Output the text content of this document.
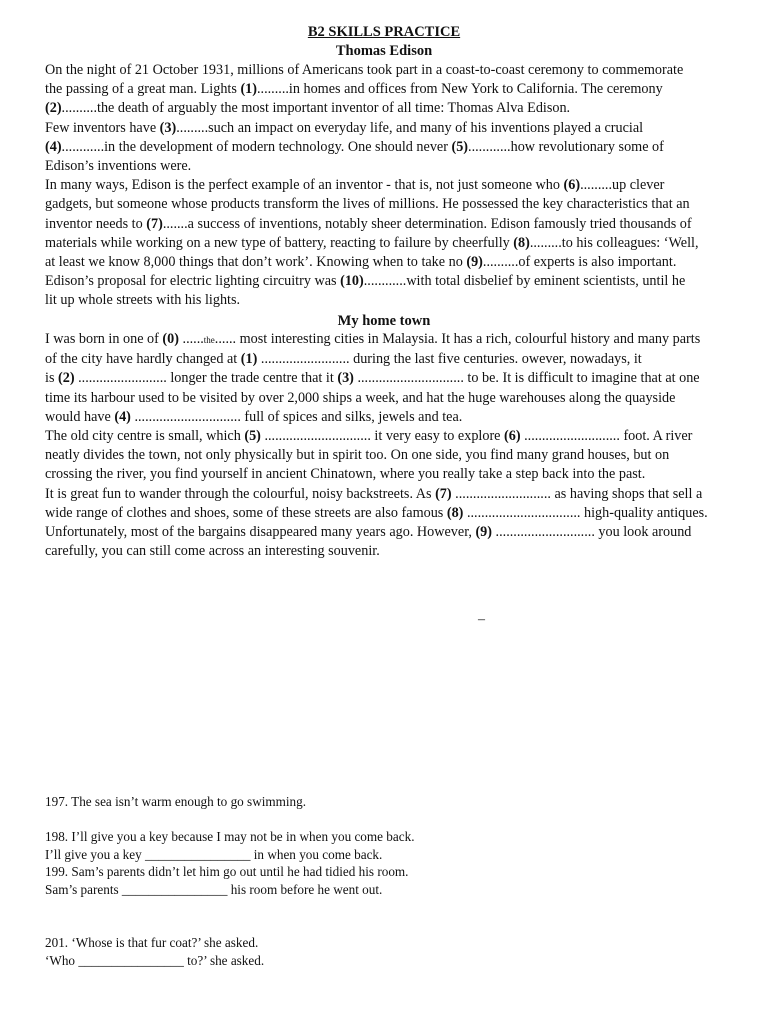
B2 SKILLS PRACTICE
Thomas Edison
On the night of 21 October 1931, millions of Americans took part in a coast-to-coast ceremony to commemorate
the passing of a great man. Lights (1).........in homes and offices from New York to California. The ceremony
(2)..........the death of arguably the most important inventor of all time: Thomas Alva Edison.
Few inventors have (3).........such an impact on everyday life, and many of his inventions played a crucial
(4)............in the development of modern technology. One should never (5)............how revolutionary some of
Edison’s inventions were.
In many ways, Edison is the perfect example of an inventor - that is, not just someone who (6).........up clever
gadgets, but someone whose products transform the lives of millions. He possessed the key characteristics that an
inventor needs to (7).......a success of inventions, notably sheer determination. Edison famously tried thousands of
materials while working on a new type of battery, reacting to failure by cheerfully (8).........to his colleagues: ‘Well,
at least we know 8,000 things that don’t work’. Knowing when to take no (9)..........of experts is also important.
Edison’s proposal for electric lighting circuitry was (10)............with total disbelief by eminent scientists, until he
lit up whole streets with his lights.
My home town
I was born in one of (0) ......the...... most interesting cities in Malaysia. It has a rich, colourful history and many parts
of the city have hardly changed at (1) ......................... during the last five centuries. owever, nowadays, it
is (2) ......................... longer the trade centre that it (3) .............................. to be. It is difficult to imagine that at one
time its harbour used to be visited by over 2,000 ships a week, and hat the huge warehouses along the quayside
would have (4) .............................. full of spices and silks, jewels and tea.
The old city centre is small, which (5) .............................. it very easy to explore (6) ........................... foot. A river
neatly divides the town, not only physically but in spirit too. On one side, you find many grand houses, but on
crossing the river, you find yourself in ancient Chinatown, where you really take a step back into the past.
It is great fun to wander through the colourful, noisy backstreets. As (7) ........................... as having shops that sell a
wide range of clothes and shoes, some of these streets are also famous (8) ................................ high-quality antiques.
Unfortunately, most of the bargains disappeared many years ago. However, (9) ............................ you look around
carefully, you can still come across an interesting souvenir.
–
197. The sea isn’t warm enough to go swimming.
198. I’ll give you a key because I may not be in when you come back.
I’ll give you a key ________________ in when you come back.
199. Sam’s parents didn’t let him go out until he had tidied his room.
Sam’s parents ________________ his room before he went out.
201. ‘Whose is that fur coat?’ she asked.
‘Who ________________ to?’ she asked.
